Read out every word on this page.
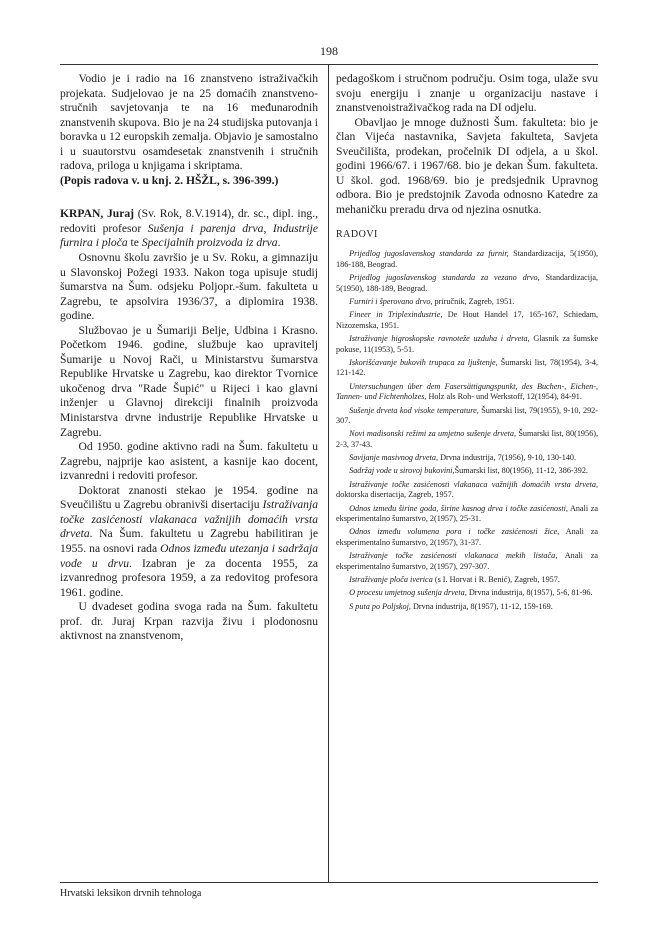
198

Vodio je i radio na 16 znanstveno istraživačkih projekata. Sudjelovao je na 25 domaćih znanstveno-stručnih savjetovanja te na 16 međunarodnih znanstvenih skupova. Bio je na 24 studijska putovanja i boravka u 12 europskih zemalja. Objavio je samostalno i u suautorstvu osamdesetak znanstvenih i stručnih radova, priloga u knjigama i skriptama.

(Popis radova v. u knj. 2. HŠŽL, s. 396-399.)

KRPAN, Juraj (Sv. Rok, 8.V.1914), dr. sc., dipl. ing., redoviti profesor Sušenja i parenja drva, Industrije furnira i ploča te Specijalnih proizvoda iz drva.

Osnovnu školu završio je u Sv. Roku, a gimnaziju u Slavonskoj Požegi 1933. Nakon toga upisuje studij šumarstva na Šum. odsjeku Poljopr.-šum. fakulteta u Zagrebu, te apsolvira 1936/37, a diplomira 1938. godine.

Službovao je u Šumariji Belje, Udbina i Krasno. Početkom 1946. godine, službuje kao upravitelj Šumarije u Novoj Rači, u Ministarstvu šumarstva Republike Hrvatske u Zagrebu, kao direktor Tvornice ukočenog drva "Rade Šupić" u Rijeci i kao glavni inženjer u Glavnoj direkciji finalnih proizvoda Ministarstva drvne industrije Republike Hrvatske u Zagrebu.

Od 1950. godine aktivno radi na Šum. fakultetu u Zagrebu, najprije kao asistent, a kasnije kao docent, izvanredni i redoviti profesor.

Doktorat znanosti stekao je 1954. godine na Sveučilištu u Zagrebu obranivši disertaciju Istraživanja točke zasićenosti vlakanaca važnijih domaćih vrsta drveta. Na Šum. fakultetu u Zagrebu habilitiran je 1955. na osnovi rada Odnos između utezanja i sadržaja vode u drvu. Izabran je za docenta 1955, za izvanrednog profesora 1959, a za redovitog profesora 1961. godine.

U dvadeset godina svoga rada na Šum. fakultetu prof. dr. Juraj Krpan razvija živu i plodonosnu aktivnost na znanstvenom,

pedagoškom i stručnom području. Osim toga, ulaže svu svoju energiju i znanje u organizaciju nastave i znanstvenoistraživačkog rada na DI odjelu.

Obavljao je mnoge dužnosti Šum. fakulteta: bio je član Vijeća nastavnika, Savjeta fakulteta, Savjeta Sveučilišta, prodekan, pročelnik DI odjela, a u škol. godini 1966/67. i 1967/68. bio je dekan Šum. fakulteta. U škol. god. 1968/69. bio je predsjednik Upravnog odbora. Bio je predstojnik Zavoda odnosno Katedre za mehaničku preradu drva od njezina osnutka.

RADOVI

Prijedlog jugoslavenskog standarda za furnir, Standardizacija, 5(1950), 186-188, Beograd.

Prijedlog jugoslavenskog standarda za vezano drvo, Standardizacija, 5(1950), 188-189, Beograd.

Furniri i šperovano drvo, priručnik, Zagreb, 1951.

Fineer in Triplexindustrie, De Hout Handel 17, 165-167, Schiedam, Nizozemska, 1951.

Istraživanje higroskopske ravnoteže uzduha i drveta, Glasnik za šumske pokuse, 11(1953), 5-51.

Iskorišćavanje bukovih trupaca za ljuštenje, Šumarski list, 78(1954), 3-4, 121-142.

Untersuchungen über dem Fasersättigungspunkt, des Buchen-, Eichen-, Tannen- und Fichtenholzes, Holz als Roh- und Werkstoff, 12(1954), 84-91.

Sušenje drveta kod visoke temperature, Šumarski list, 79(1955), 9-10, 292-307.

Novi madisonski režimi za umjetno sušenje drveta, Šumarski list, 80(1956), 2-3, 37-43.

Savijanje masivnog drveta, Drvna industrija, 7(1956), 9-10, 130-140.

Sadržaj vode u sirovoj bukovini,Šumarski list, 80(1956), 11-12, 386-392.

Istraživanje točke zasićenosti vlakanaca važnijih domaćih vrsta drveta, doktorska disertacija, Zagreb, 1957.

Odnos između širine goda, širine kasnog drva i točke zasićenosti, Anali za eksperimentalno šumarstvo, 2(1957), 25-31.

Odnos između volumena pora i točke zasićenosti žice, Anali za eksperimentalno šumarstvo, 2(1957), 31-37.

Istraživanje točke zasićenosti vlakanaca mekih listača, Anali za eksperimentalno šumarstvo, 2(1957), 297-307.

Istraživanje ploča iverica (s I. Horvat i R. Benić), Zagreb, 1957.

O procesu umjetnog sušenja drveta, Drvna industrija, 8(1957), 5-6, 81-96.

S puta po Poljskoj, Drvna industrija, 8(1957), 11-12, 159-169.

Hrvatski leksikon drvnih tehnologa
